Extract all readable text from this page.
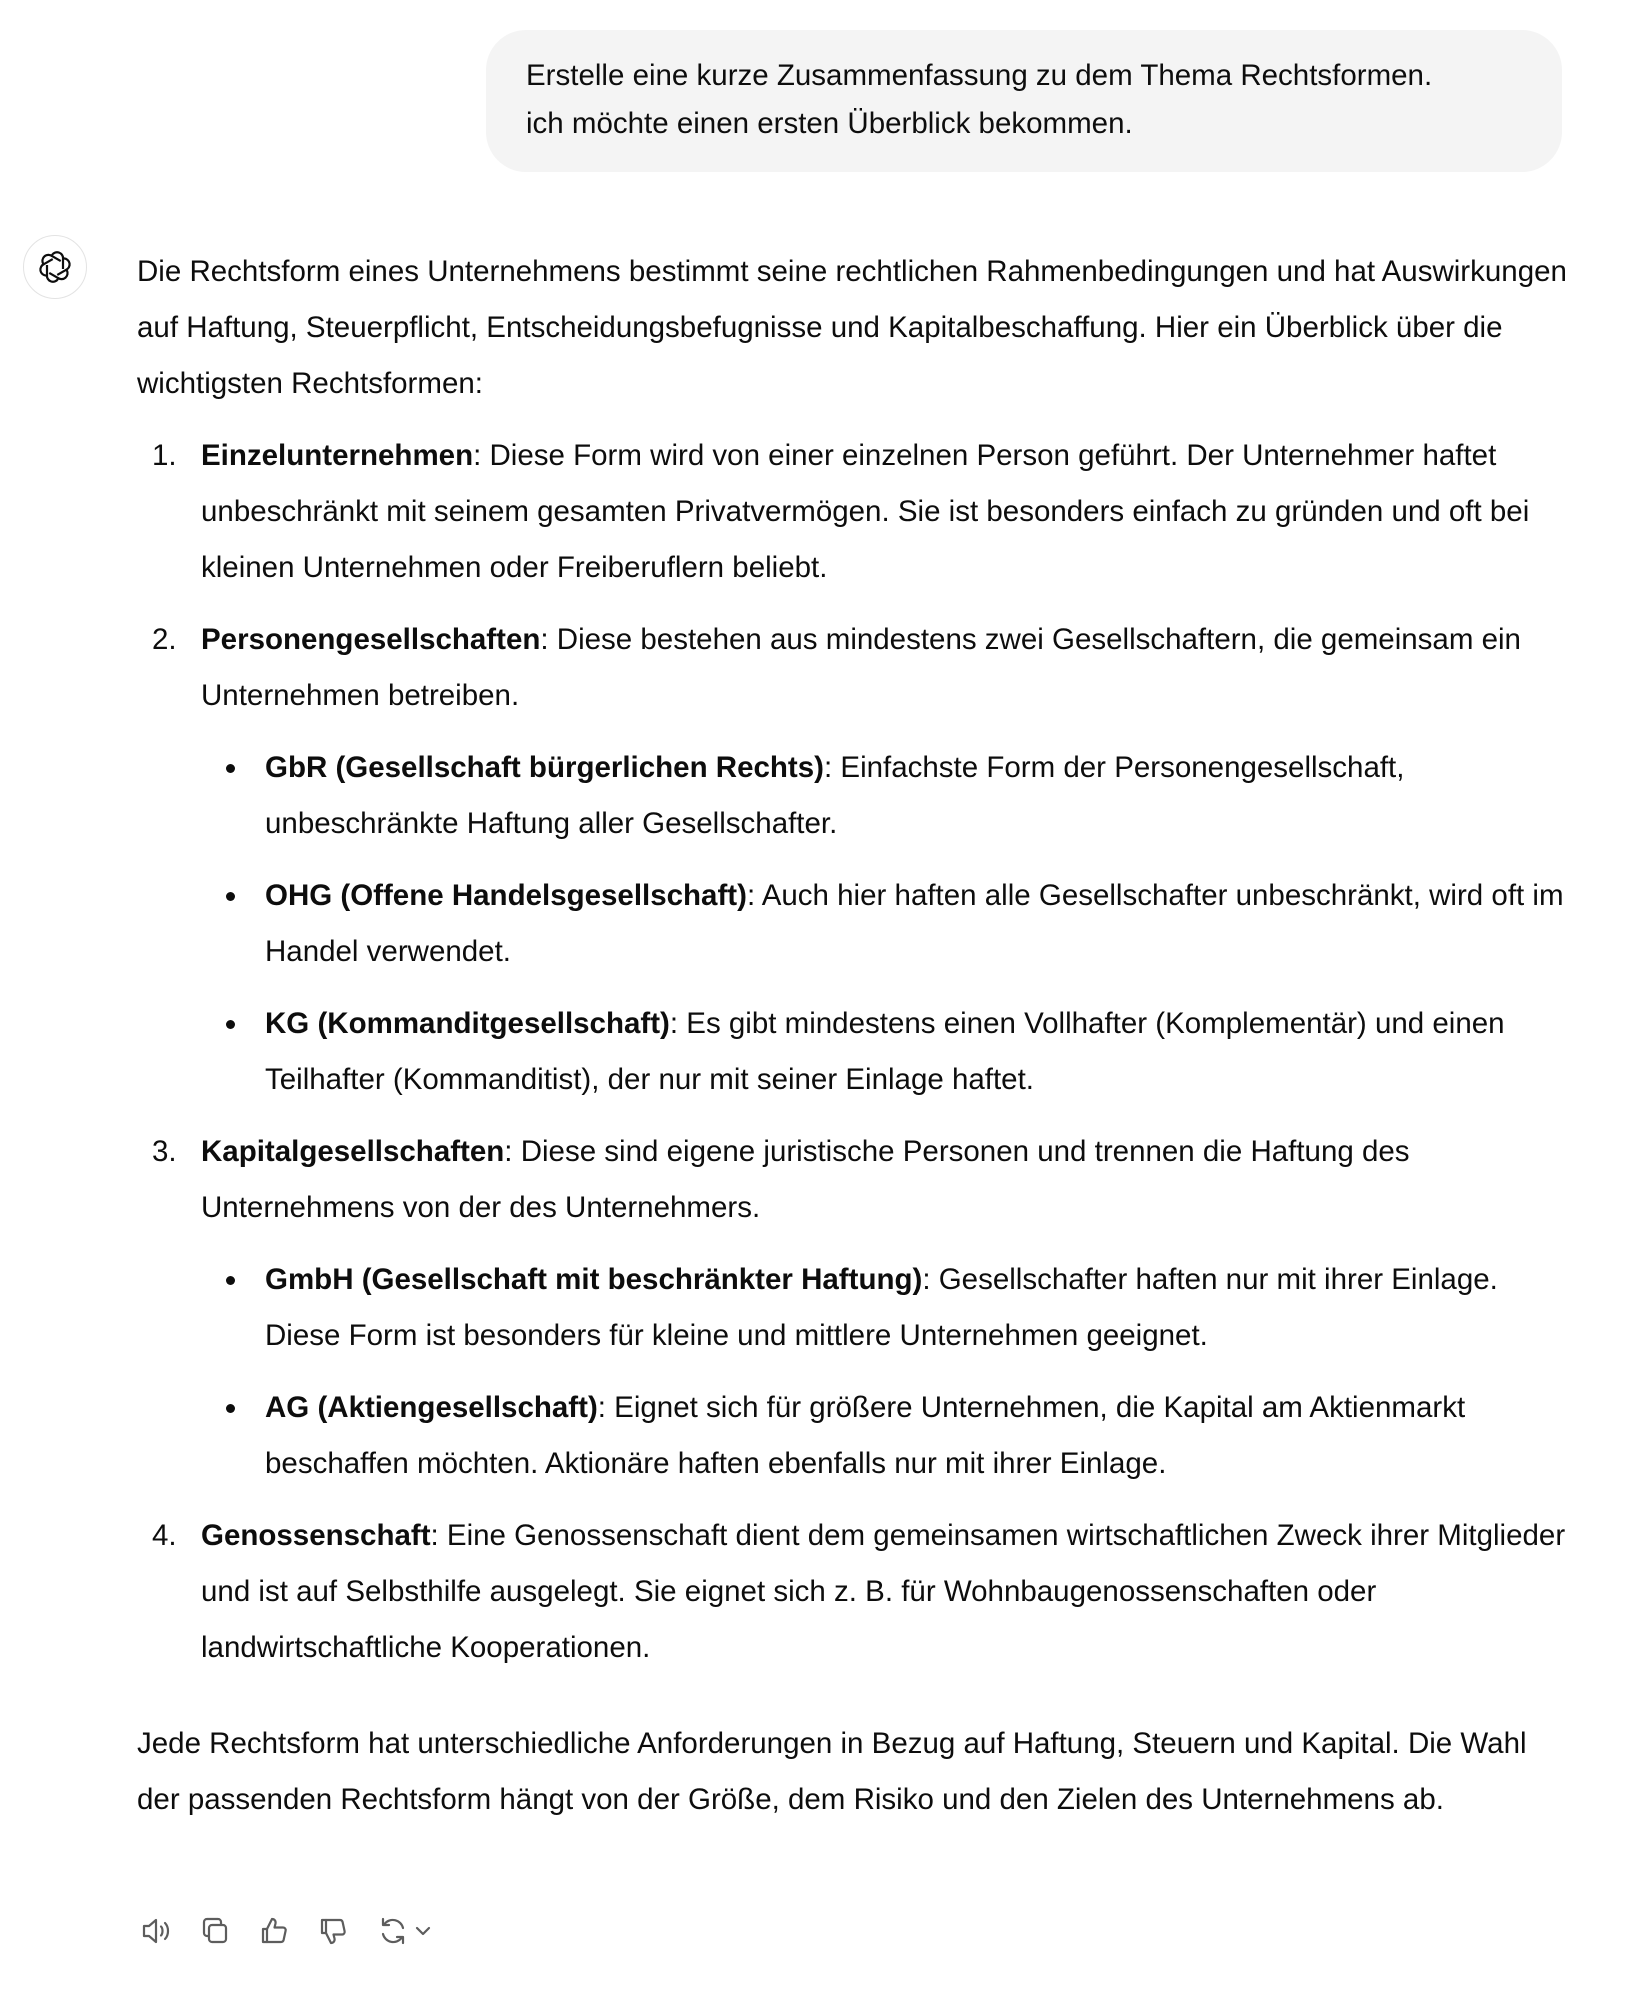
Erstelle eine kurze Zusammenfassung zu dem Thema Rechtsformen.

ich möchte einen ersten Überblick bekommen.

Die Rechtsform eines Unternehmens bestimmt seine rechtlichen Rahmenbedingungen und hat Auswirkungen auf Haftung, Steuerpflicht, Entscheidungsbefugnisse und Kapitalbeschaffung. Hier ein Überblick über die wichtigsten Rechtsformen:

1. Einzelunternehmen: Diese Form wird von einer einzelnen Person geführt. Der Unternehmer haftet unbeschränkt mit seinem gesamten Privatvermögen. Sie ist besonders einfach zu gründen und oft bei kleinen Unternehmen oder Freiberuflern beliebt.
2. Personengesellschaften: Diese bestehen aus mindestens zwei Gesellschaftern, die gemeinsam ein Unternehmen betreiben.
GbR (Gesellschaft bürgerlichen Rechts): Einfachste Form der Personengesellschaft, unbeschränkte Haftung aller Gesellschafter.
OHG (Offene Handelsgesellschaft): Auch hier haften alle Gesellschafter unbeschränkt, wird oft im Handel verwendet.
KG (Kommanditgesellschaft): Es gibt mindestens einen Vollhafter (Komplementär) und einen Teilhafter (Kommanditist), der nur mit seiner Einlage haftet.
3. Kapitalgesellschaften: Diese sind eigene juristische Personen und trennen die Haftung des Unternehmens von der des Unternehmers.
GmbH (Gesellschaft mit beschränkter Haftung): Gesellschafter haften nur mit ihrer Einlage. Diese Form ist besonders für kleine und mittlere Unternehmen geeignet.
AG (Aktiengesellschaft): Eignet sich für größere Unternehmen, die Kapital am Aktienmarkt beschaffen möchten. Aktionäre haften ebenfalls nur mit ihrer Einlage.
4. Genossenschaft: Eine Genossenschaft dient dem gemeinsamen wirtschaftlichen Zweck ihrer Mitglieder und ist auf Selbsthilfe ausgelegt. Sie eignet sich z. B. für Wohnbaugenossenschaften oder landwirtschaftliche Kooperationen.

Jede Rechtsform hat unterschiedliche Anforderungen in Bezug auf Haftung, Steuern und Kapital. Die Wahl der passenden Rechtsform hängt von der Größe, dem Risiko und den Zielen des Unternehmens ab.
